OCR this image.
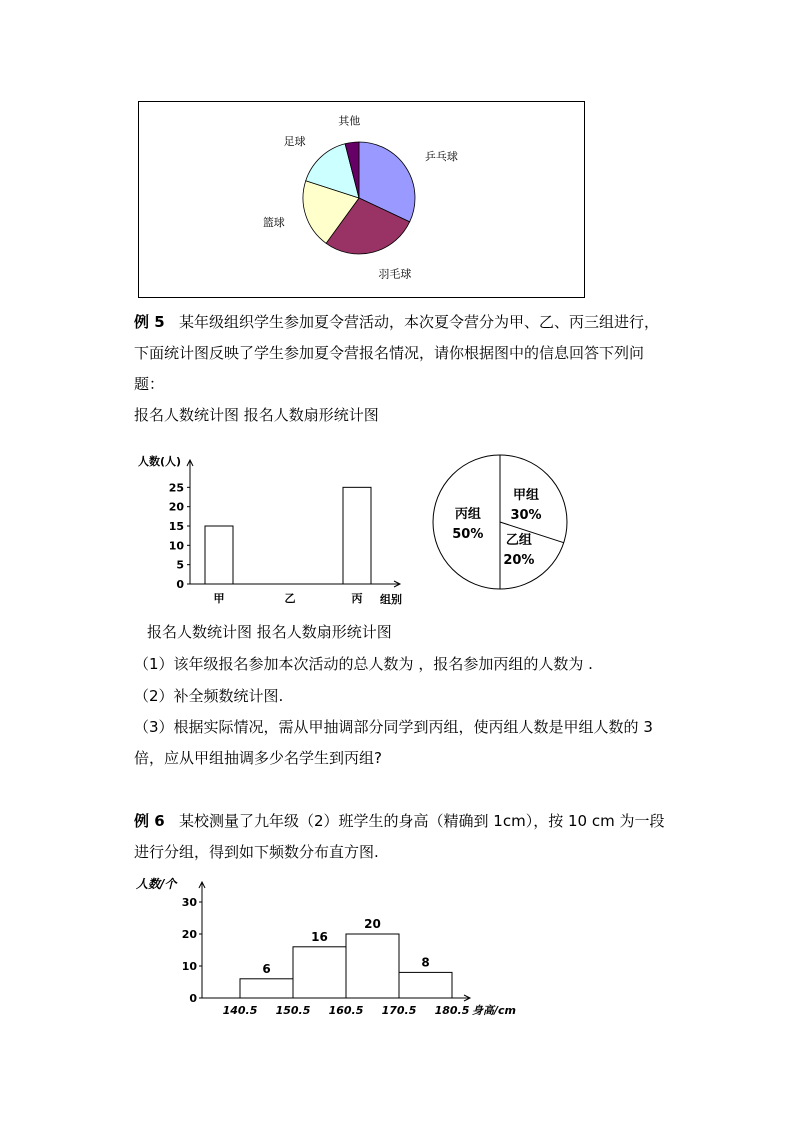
乒乓球
羽毛球
篮球
足球
其他
例 5 某年级组织学生参加夏令营活动，本次夏令营分为甲、乙、丙三组进行，
下面统计图反映了学生参加夏令营报名情况，请你根据图中的信息回答下列问
题：
报名人数统计图 报名人数扇形统计图
人数(人)
组别
0
5
10
15
20
25
甲	乙	丙
甲组
30%
乙组
20%
丙组
50%
报名人数统计图 报名人数扇形统计图
（1）该年级报名参加本次活动的总人数为 ，报名参加丙组的人数为 .
（2）补全频数统计图.
（3）根据实际情况，需从甲抽调部分同学到丙组，使丙组人数是甲组人数的 3
倍，应从甲组抽调多少名学生到丙组?
例 6 某校测量了九年级（2）班学生的身高（精确到 1cm），按 10 cm 为一段
进行分组，得到如下频数分布直方图.
人数/个
身高/cm
0
10
20
30
6
16
20
8
140.5 150.5 160.5 170.5 180.5
